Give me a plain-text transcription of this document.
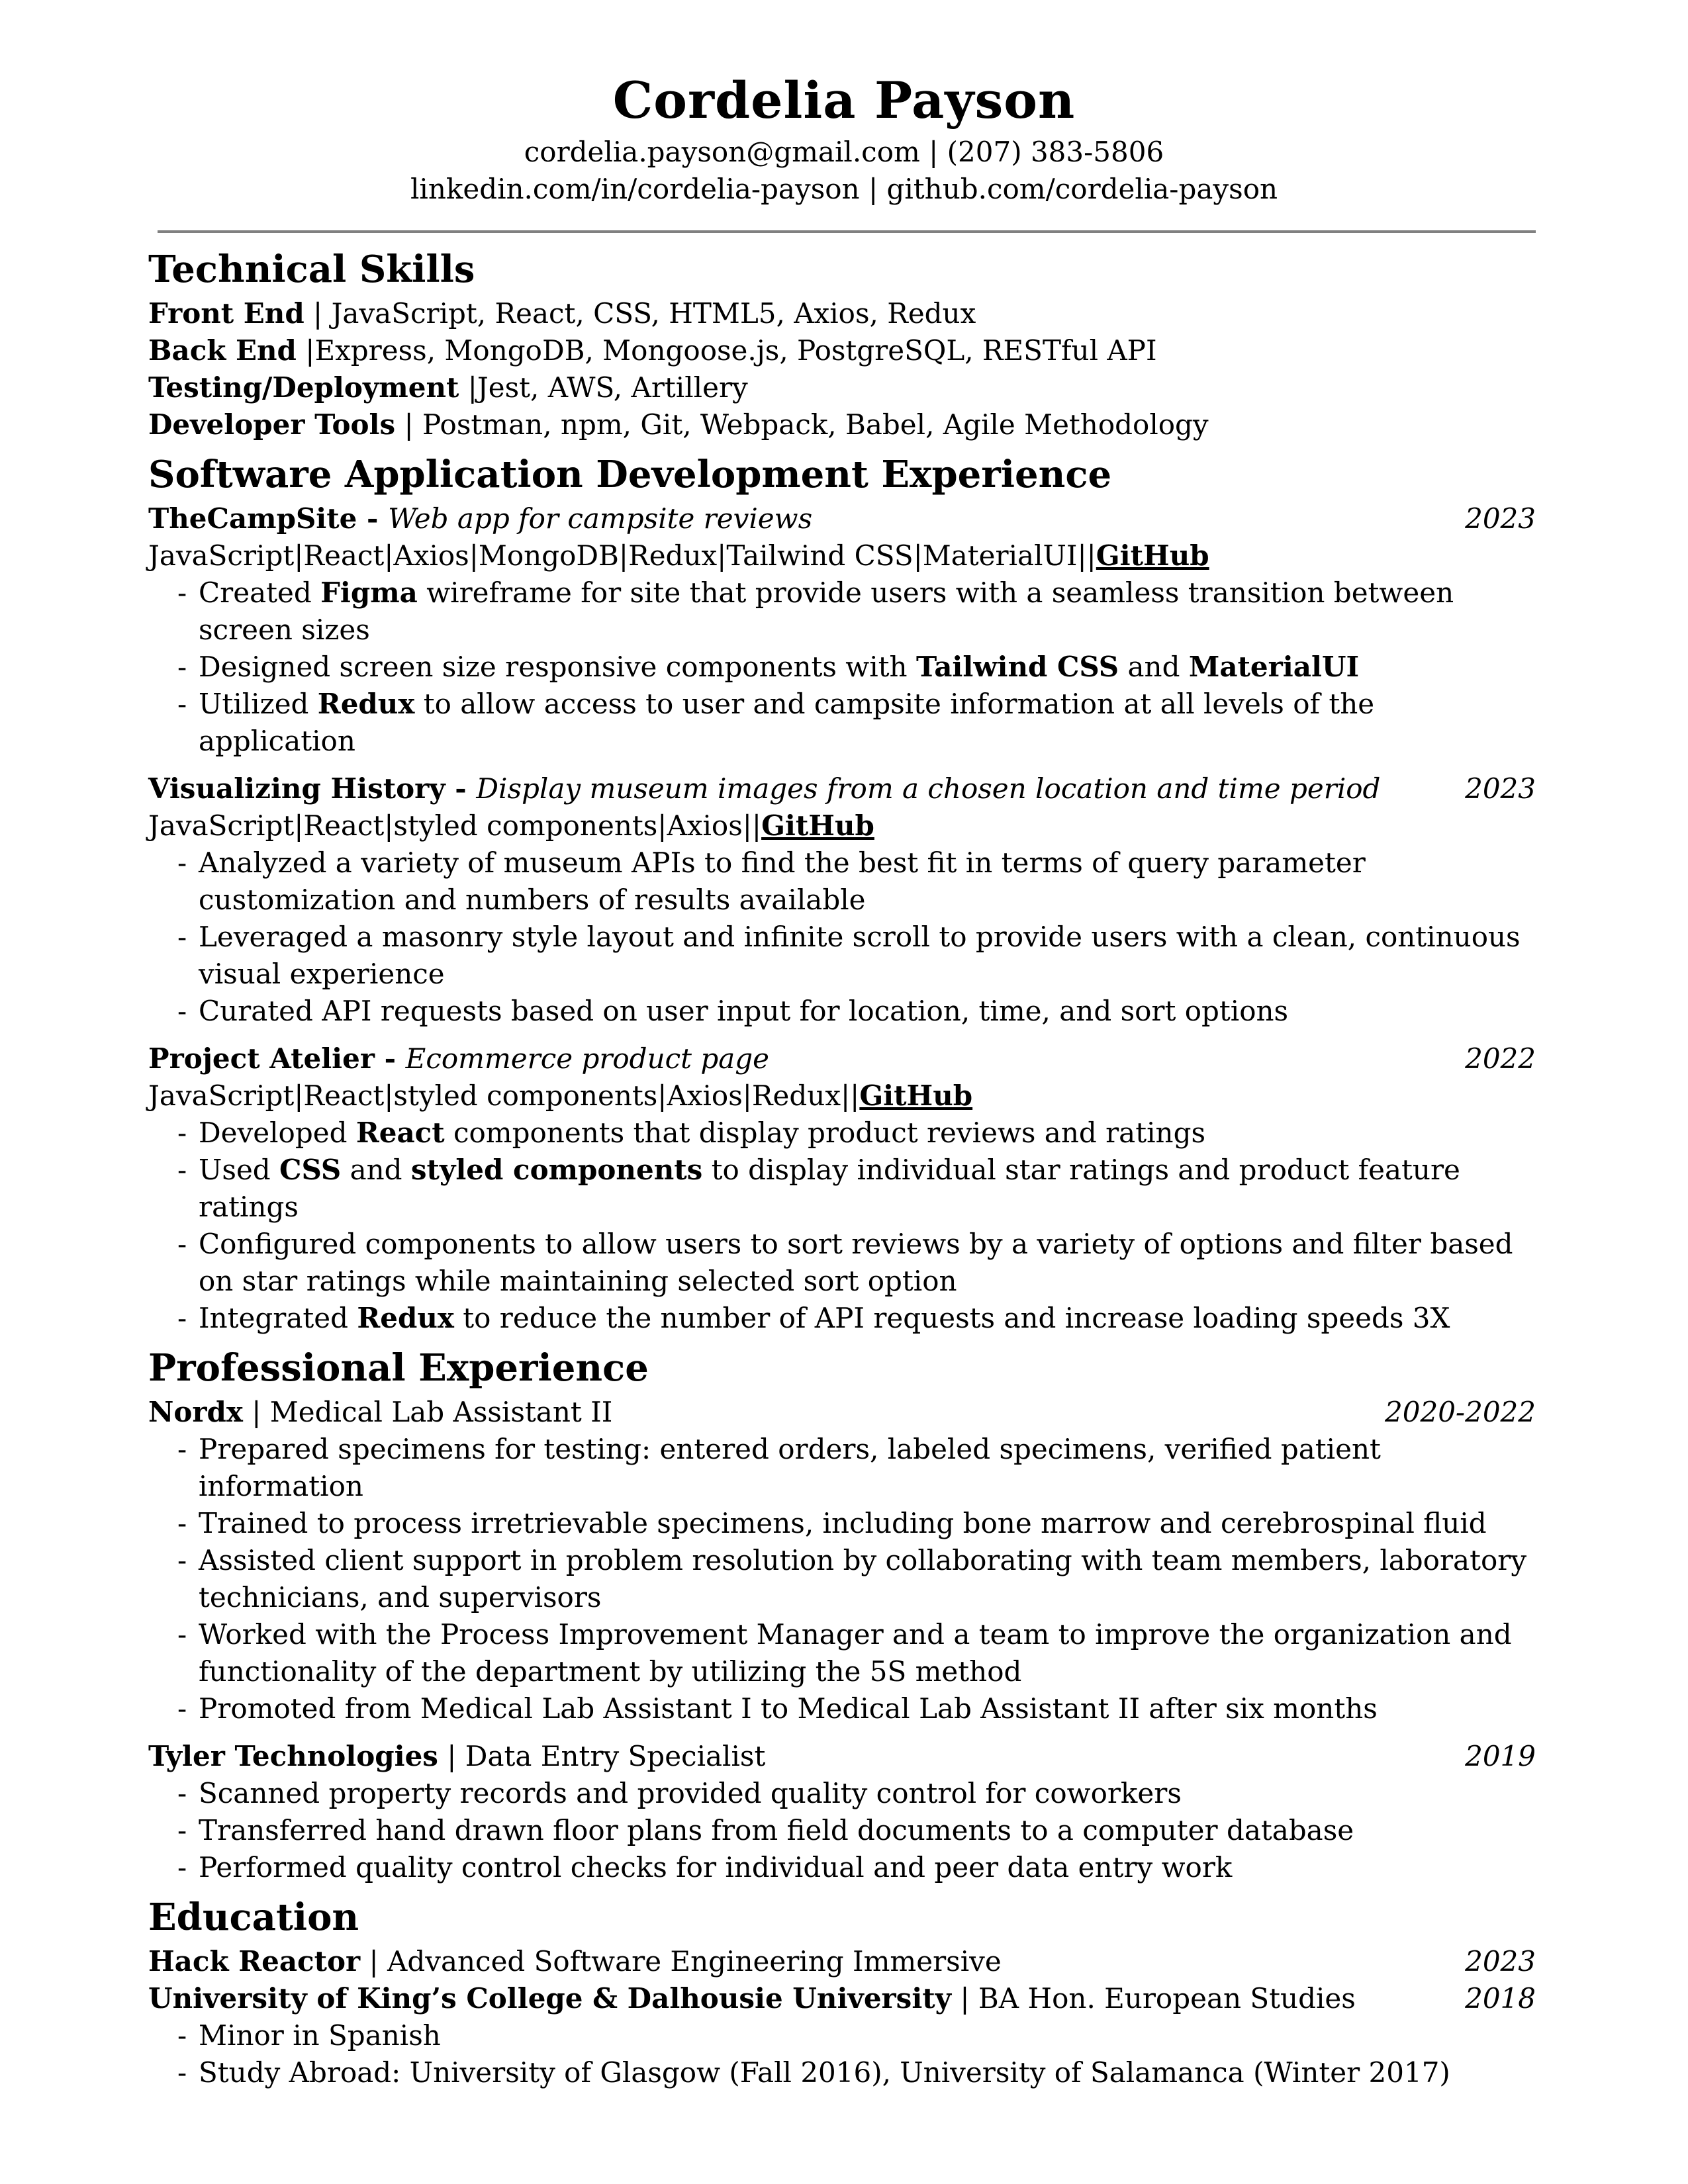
Cordelia Payson
cordelia.payson@gmail.com | (207) 383-5806
linkedin.com/in/cordelia-payson | github.com/cordelia-payson
Technical Skills
Front End | JavaScript, React, CSS, HTML5, Axios, Redux
Back End |Express, MongoDB, Mongoose.js, PostgreSQL, RESTful API
Testing/Deployment |Jest, AWS, Artillery
Developer Tools | Postman, npm, Git, Webpack, Babel, Agile Methodology
Software Application Development Experience
TheCampSite - Web app for campsite reviews	2023
JavaScript|React|Axios|MongoDB|Redux|Tailwind CSS|MaterialUI||GitHub
- Created Figma wireframe for site that provide users with a seamless transition between screen sizes
- Designed screen size responsive components with Tailwind CSS and MaterialUI
- Utilized Redux to allow access to user and campsite information at all levels of the application
Visualizing History - Display museum images from a chosen location and time period	2023
JavaScript|React|styled components|Axios||GitHub
- Analyzed a variety of museum APIs to find the best fit in terms of query parameter customization and numbers of results available
- Leveraged a masonry style layout and infinite scroll to provide users with a clean, continuous visual experience
- Curated API requests based on user input for location, time, and sort options
Project Atelier - Ecommerce product page	2022
JavaScript|React|styled components|Axios|Redux||GitHub
- Developed React components that display product reviews and ratings
- Used CSS and styled components to display individual star ratings and product feature ratings
- Configured components to allow users to sort reviews by a variety of options and filter based on star ratings while maintaining selected sort option
- Integrated Redux to reduce the number of API requests and increase loading speeds 3X
Professional Experience
Nordx | Medical Lab Assistant II	2020-2022
- Prepared specimens for testing: entered orders, labeled specimens, verified patient information
- Trained to process irretrievable specimens, including bone marrow and cerebrospinal fluid
- Assisted client support in problem resolution by collaborating with team members, laboratory technicians, and supervisors
- Worked with the Process Improvement Manager and a team to improve the organization and functionality of the department by utilizing the 5S method
- Promoted from Medical Lab Assistant I to Medical Lab Assistant II after six months
Tyler Technologies | Data Entry Specialist	2019
- Scanned property records and provided quality control for coworkers
- Transferred hand drawn floor plans from field documents to a computer database
- Performed quality control checks for individual and peer data entry work
Education
Hack Reactor | Advanced Software Engineering Immersive	2023
University of King’s College & Dalhousie University | BA Hon. European Studies	2018
- Minor in Spanish
- Study Abroad: University of Glasgow (Fall 2016), University of Salamanca (Winter 2017)
